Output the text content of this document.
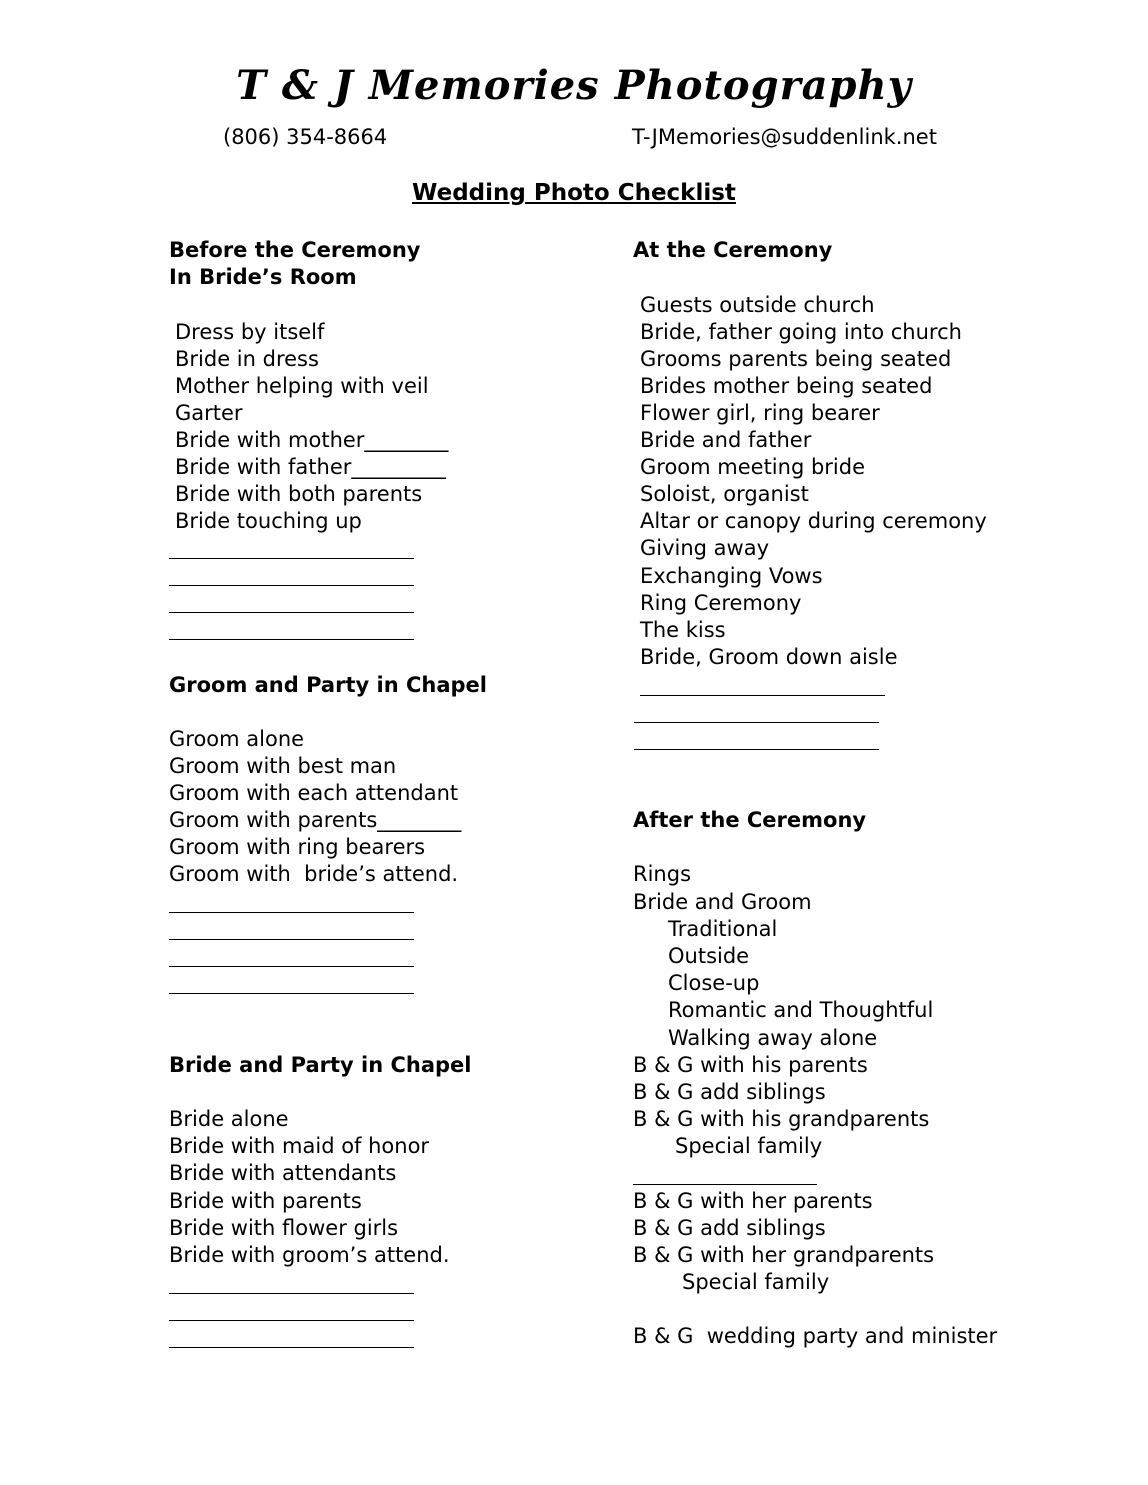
T & J Memories Photography
(806) 354-8664	T-JMemories@suddenlink.net
Wedding Photo Checklist
Before the Ceremony
In Bride’s Room
Dress by itself
Bride in dress
Mother helping with veil
Garter
Bride with mother________
Bride with father_________
Bride with both parents
Bride touching up
Groom and Party in Chapel
Groom alone
Groom with best man
Groom with each attendant
Groom with parents________
Groom with ring bearers
Groom with  bride’s attend.
Bride and Party in Chapel
Bride alone
Bride with maid of honor
Bride with attendants
Bride with parents
Bride with flower girls
Bride with groom’s attend.
At the Ceremony
Guests outside church
Bride, father going into church
Grooms parents being seated
Brides mother being seated
Flower girl, ring bearer
Bride and father
Groom meeting bride
Soloist, organist
Altar or canopy during ceremony
Giving away
Exchanging Vows
Ring Ceremony
The kiss
Bride, Groom down aisle
After the Ceremony
Rings
Bride and Groom
Traditional
Outside
Close-up
Romantic and Thoughtful
Walking away alone
B & G with his parents
B & G add siblings
B & G with his grandparents
Special family
B & G with her parents
B & G add siblings
B & G with her grandparents
Special family
B & G  wedding party and minister
